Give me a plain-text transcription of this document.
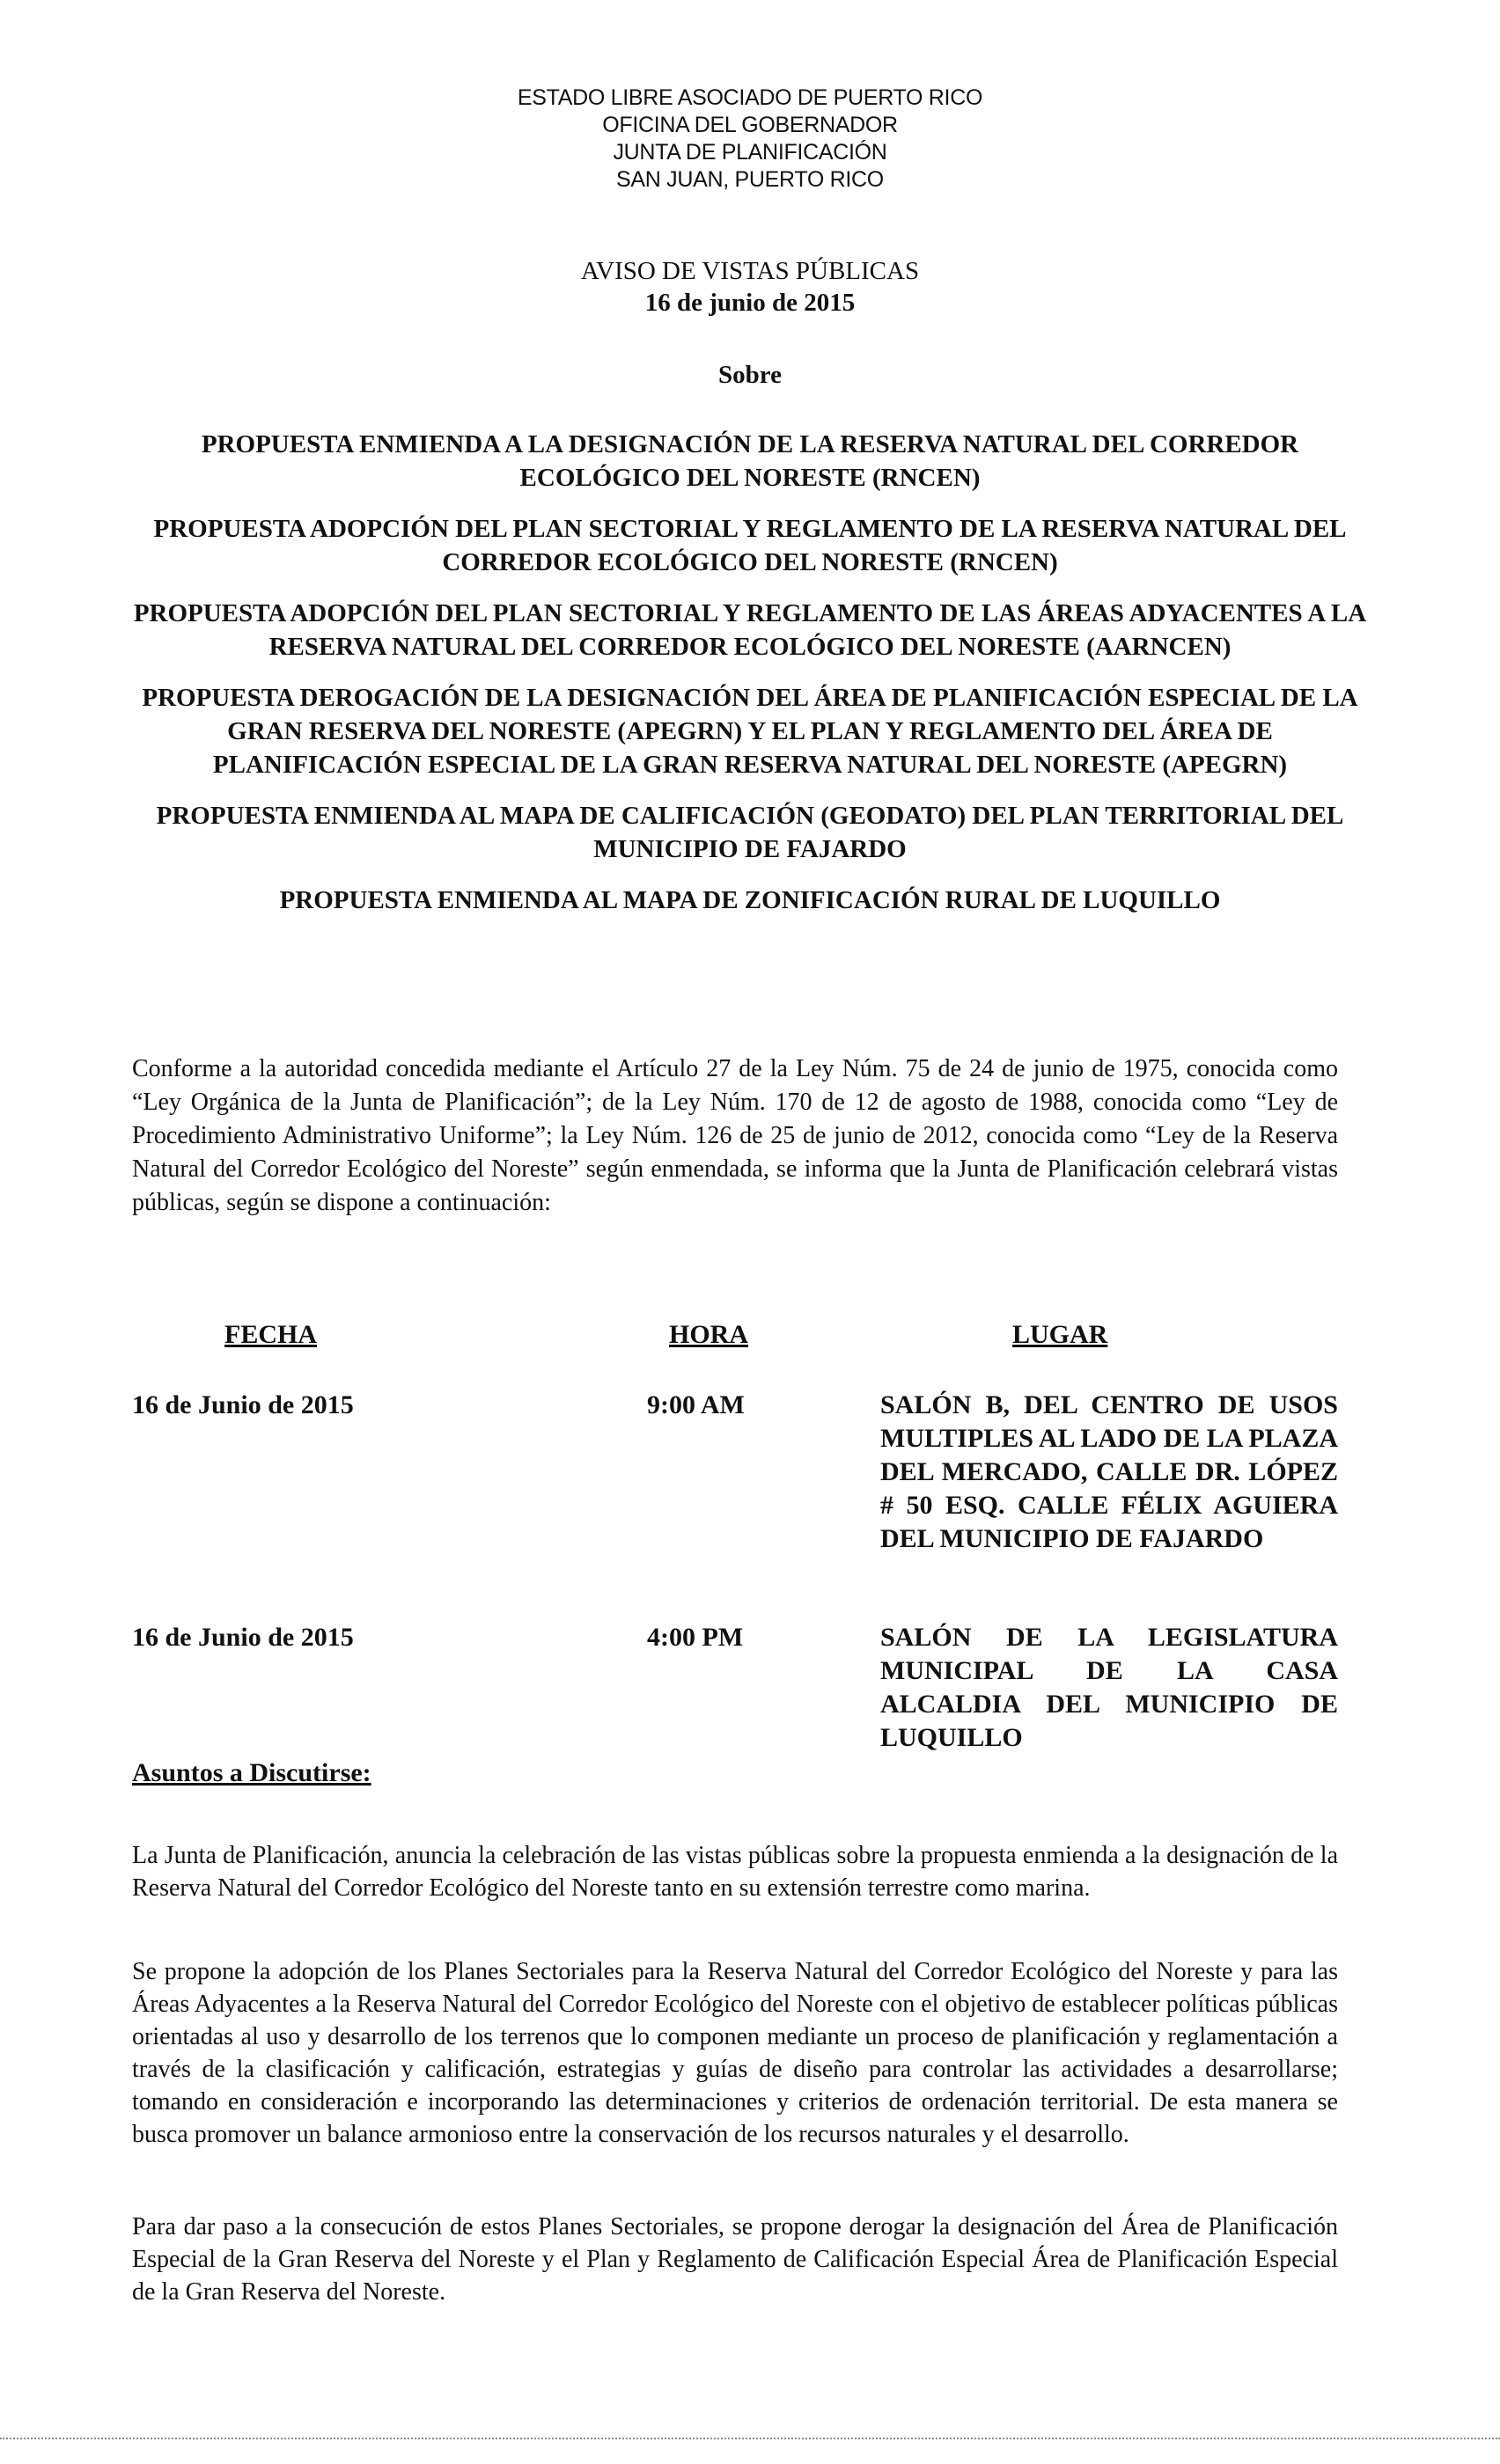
ESTADO LIBRE ASOCIADO DE PUERTO RICO
OFICINA DEL GOBERNADOR
JUNTA DE PLANIFICACIÓN
SAN JUAN, PUERTO RICO
AVISO DE VISTAS PÚBLICAS
16 de junio de 2015
Sobre
PROPUESTA ENMIENDA A LA DESIGNACIÓN DE LA RESERVA NATURAL DEL CORREDOR ECOLÓGICO DEL NORESTE (RNCEN)
PROPUESTA ADOPCIÓN DEL PLAN SECTORIAL Y REGLAMENTO DE LA RESERVA NATURAL DEL CORREDOR ECOLÓGICO DEL NORESTE (RNCEN)
PROPUESTA ADOPCIÓN DEL PLAN SECTORIAL Y REGLAMENTO DE LAS ÁREAS ADYACENTES A LA RESERVA NATURAL DEL CORREDOR ECOLÓGICO DEL NORESTE (AARNCEN)
PROPUESTA DEROGACIÓN DE LA DESIGNACIÓN DEL ÁREA DE PLANIFICACIÓN ESPECIAL DE LA GRAN RESERVA DEL NORESTE (APEGRN) Y EL PLAN Y REGLAMENTO DEL ÁREA DE PLANIFICACIÓN ESPECIAL DE LA GRAN RESERVA NATURAL DEL NORESTE (APEGRN)
PROPUESTA ENMIENDA AL MAPA DE CALIFICACIÓN (GEODATO) DEL PLAN TERRITORIAL DEL MUNICIPIO DE FAJARDO
PROPUESTA ENMIENDA AL MAPA DE ZONIFICACIÓN RURAL DE LUQUILLO
Conforme a la autoridad concedida mediante el Artículo 27 de la Ley Núm. 75 de 24 de junio de 1975, conocida como “Ley Orgánica de la Junta de Planificación”; de la Ley Núm. 170 de 12 de agosto de 1988, conocida como “Ley de Procedimiento Administrativo Uniforme”; la Ley Núm. 126 de 25 de junio de 2012, conocida como “Ley de la Reserva Natural del Corredor Ecológico del Noreste” según enmendada, se informa que la Junta de Planificación celebrará vistas públicas, según se dispone a continuación:
FECHA	HORA	LUGAR
16 de Junio de 2015	9:00 AM	SALÓN B, DEL CENTRO DE USOS MULTIPLES AL LADO DE LA PLAZA DEL MERCADO, CALLE DR. LÓPEZ # 50 ESQ. CALLE FÉLIX AGUIERA DEL MUNICIPIO DE FAJARDO
16 de Junio de 2015	4:00 PM	SALÓN DE LA LEGISLATURA MUNICIPAL DE LA CASA ALCALDIA DEL MUNICIPIO DE LUQUILLO
Asuntos a Discutirse:
La Junta de Planificación, anuncia la celebración de las vistas públicas sobre la propuesta enmienda a la designación de la Reserva Natural del Corredor Ecológico del Noreste tanto en su extensión terrestre como marina.
Se propone la adopción de los Planes Sectoriales para la Reserva Natural del Corredor Ecológico del Noreste y para las Áreas Adyacentes a la Reserva Natural del Corredor Ecológico del Noreste con el objetivo de establecer políticas públicas orientadas al uso y desarrollo de los terrenos que lo componen mediante un proceso de planificación y reglamentación a través de la clasificación y calificación, estrategias y guías de diseño para controlar las actividades a desarrollarse; tomando en consideración e incorporando las determinaciones y criterios de ordenación territorial. De esta manera se busca promover un balance armonioso entre la conservación de los recursos naturales y el desarrollo.
Para dar paso a la consecución de estos Planes Sectoriales, se propone derogar la designación del Área de Planificación Especial de la Gran Reserva del Noreste y el Plan y Reglamento de Calificación Especial Área de Planificación Especial de la Gran Reserva del Noreste.
